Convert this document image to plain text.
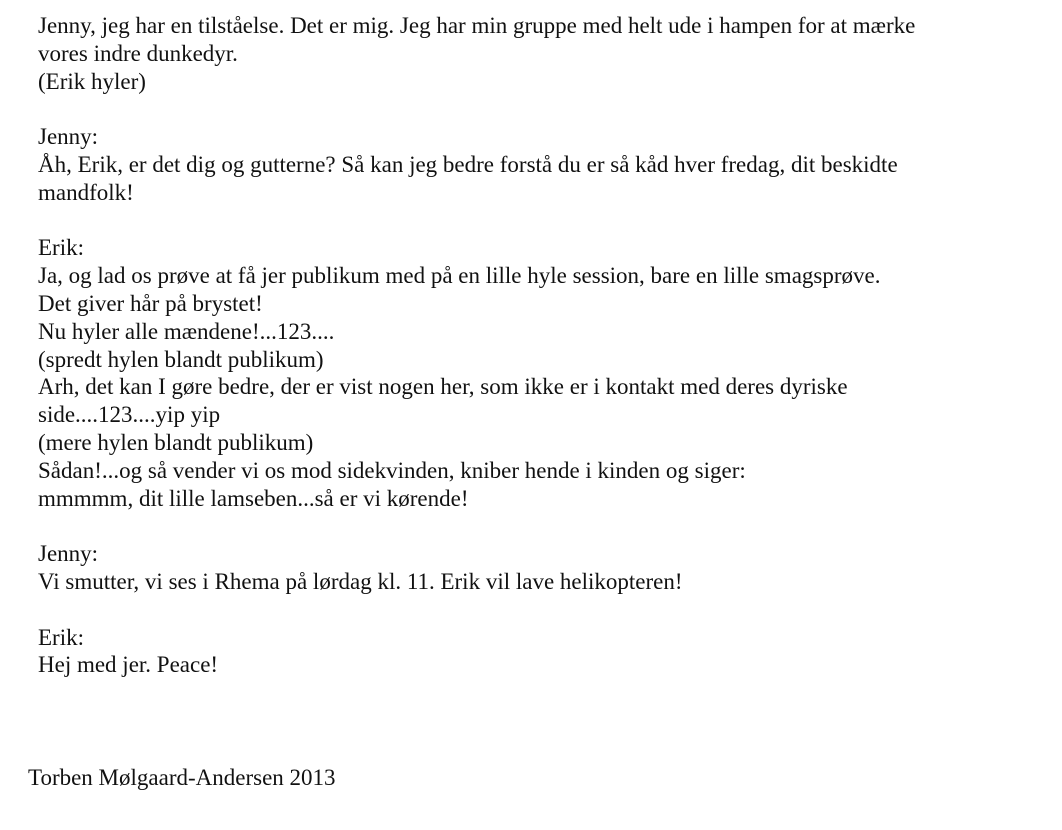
Jenny, jeg har en tilståelse. Det er mig. Jeg har min gruppe med helt ude i hampen for at mærke
vores indre dunkedyr.
(Erik hyler)
Jenny:
Åh, Erik, er det dig og gutterne? Så kan jeg bedre forstå du er så kåd hver fredag, dit beskidte
mandfolk!
Erik:
Ja, og lad os prøve at få jer publikum med på en lille hyle session, bare en lille smagsprøve.
Det giver hår på brystet!
Nu hyler alle mændene!...123....
(spredt hylen blandt publikum)
Arh, det kan I gøre bedre, der er vist nogen her, som ikke er i kontakt med deres dyriske
side....123....yip yip
(mere hylen blandt publikum)
Sådan!...og så vender vi os mod sidekvinden, kniber hende i kinden og siger:
mmmmm, dit lille lamseben...så er vi kørende!
Jenny:
Vi smutter, vi ses i Rhema på lørdag kl. 11. Erik vil lave helikopteren!
Erik:
Hej med jer. Peace!
Torben Mølgaard-Andersen 2013
